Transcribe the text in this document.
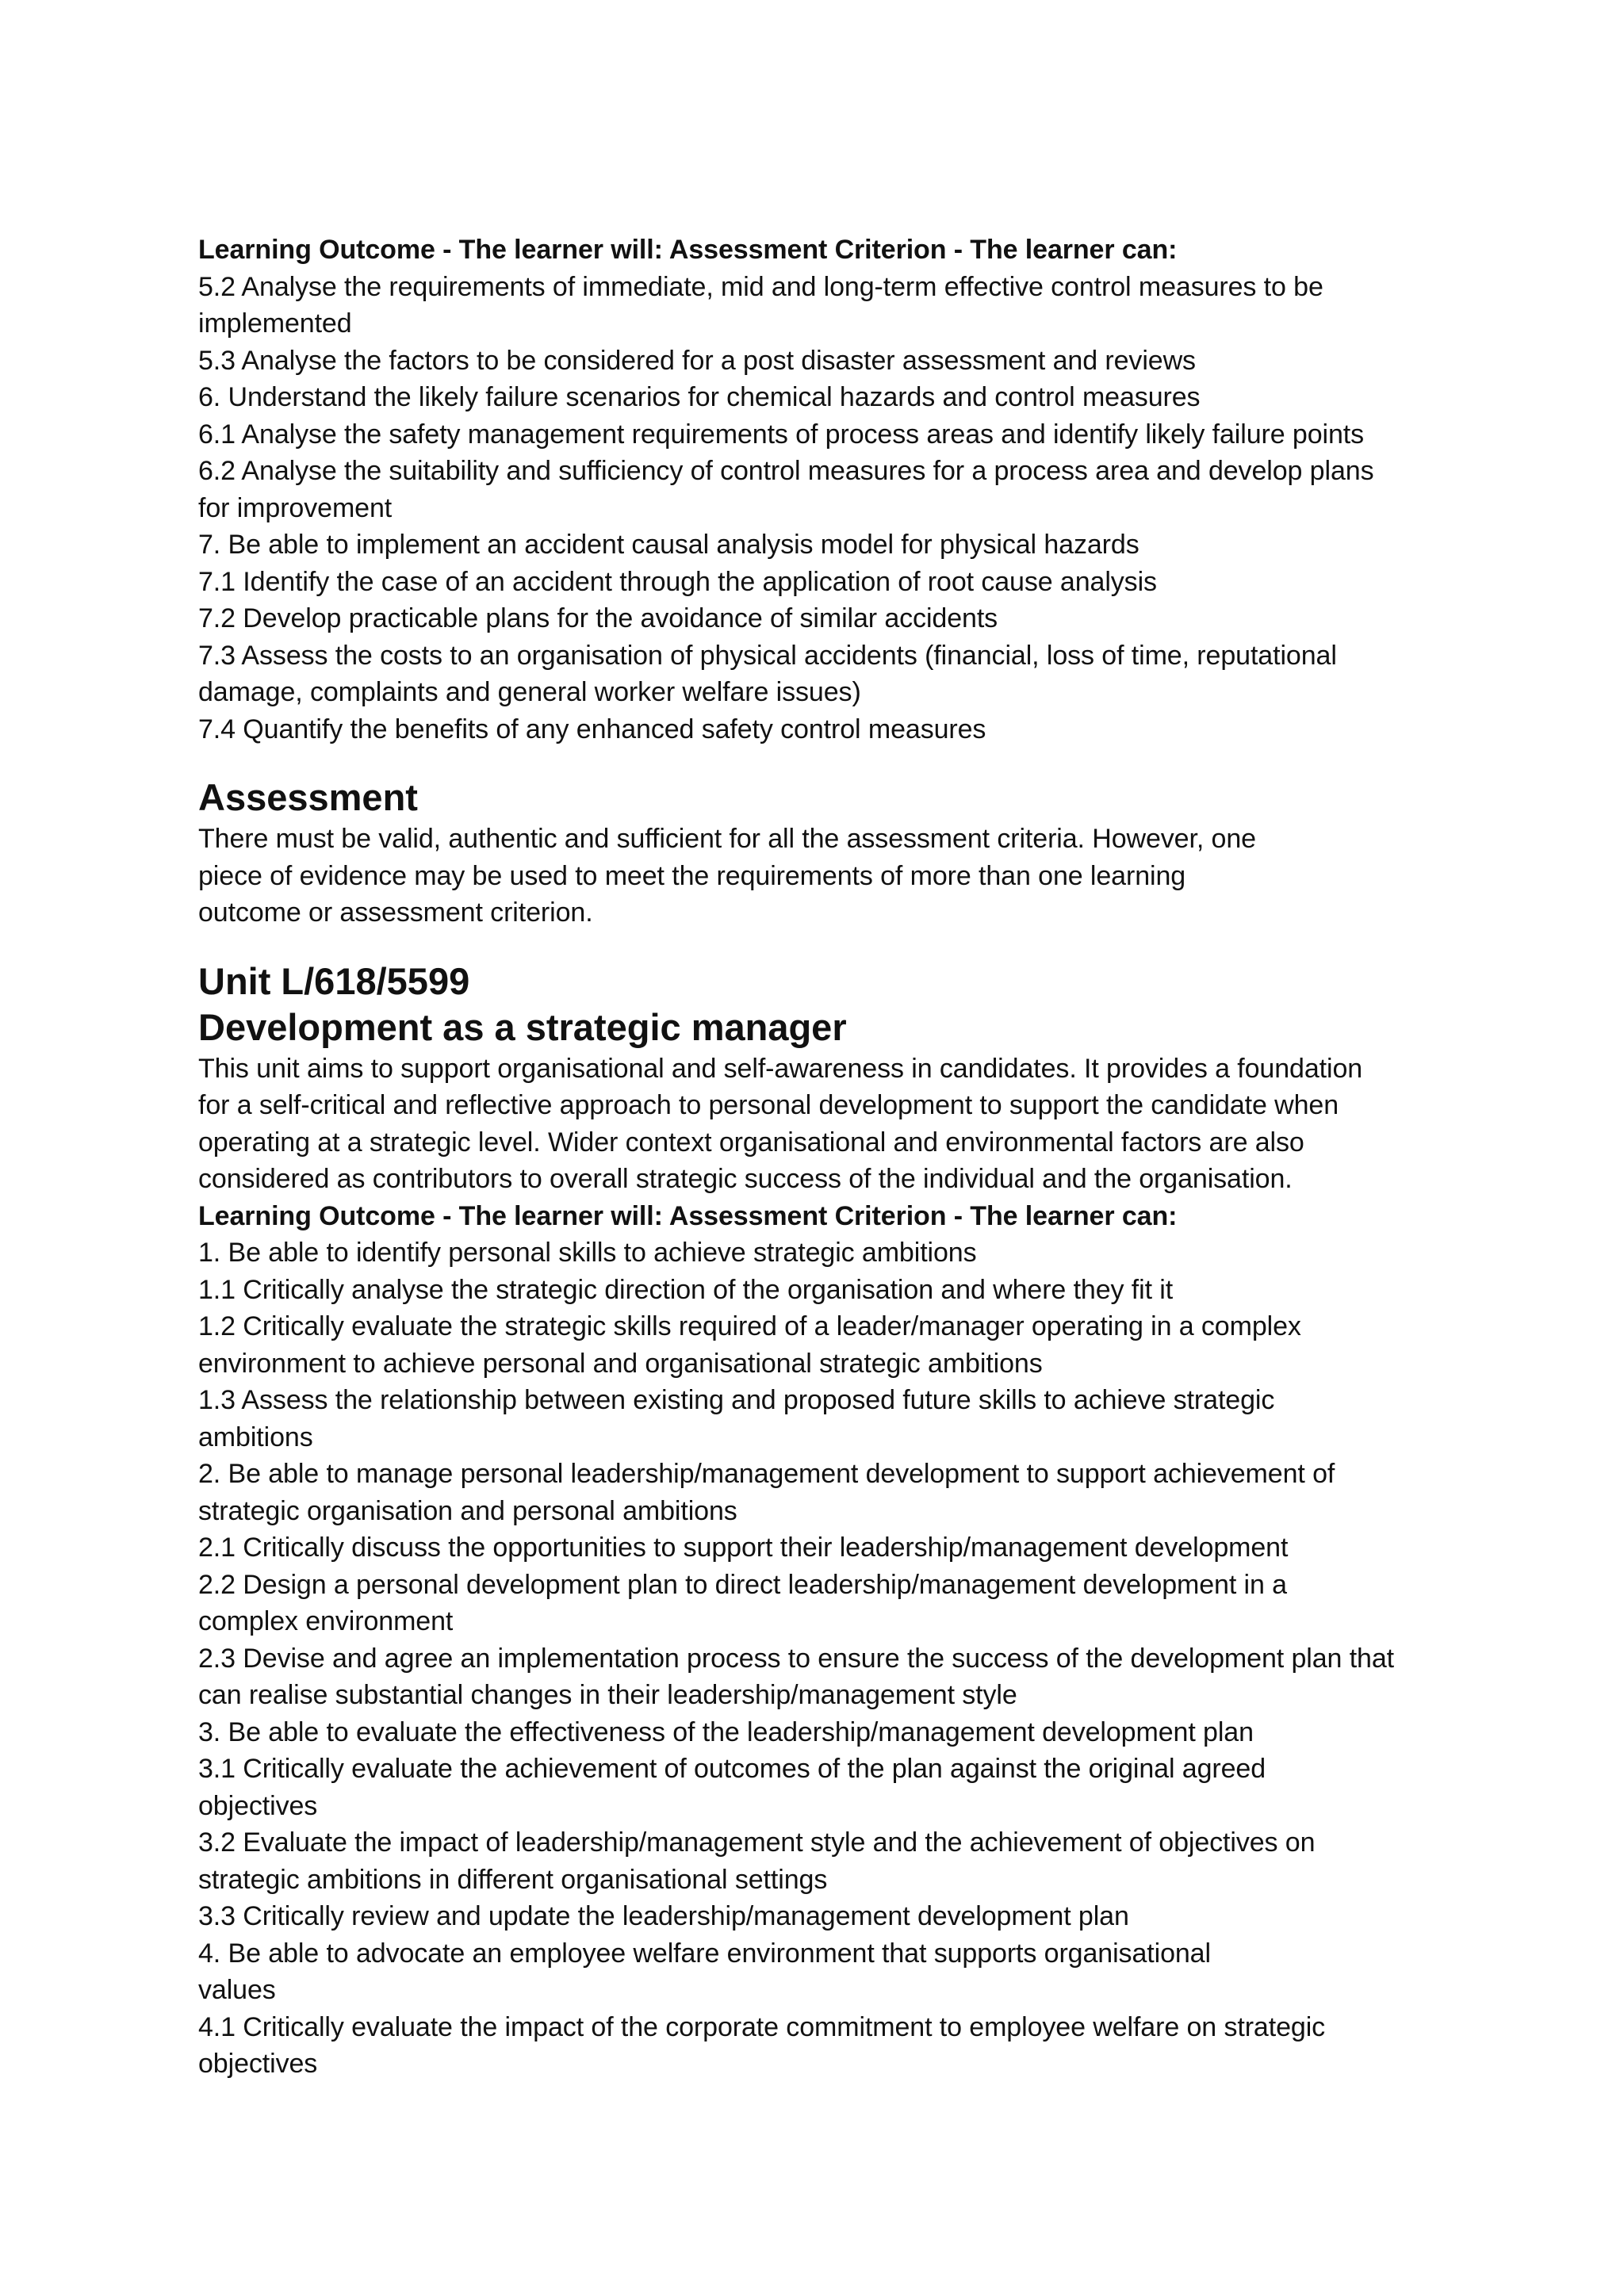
Learning Outcome - The learner will: Assessment Criterion - The learner can:

5.2 Analyse the requirements of immediate, mid and long-term effective control measures to be

implemented

5.3 Analyse the factors to be considered for a post disaster assessment and reviews

6. Understand the likely failure scenarios for chemical hazards and control measures

6.1 Analyse the safety management requirements of process areas and identify likely failure points

6.2 Analyse the suitability and sufficiency of control measures for a process area and develop plans

for improvement

7. Be able to implement an accident causal analysis model for physical hazards

7.1 Identify the case of an accident through the application of root cause analysis

7.2 Develop practicable plans for the avoidance of similar accidents

7.3 Assess the costs to an organisation of physical accidents (financial, loss of time, reputational

damage, complaints and general worker welfare issues)

7.4 Quantify the benefits of any enhanced safety control measures

Assessment

There must be valid, authentic and sufficient for all the assessment criteria. However, one

piece of evidence may be used to meet the requirements of more than one learning

outcome or assessment criterion.

Unit L/618/5599
Development as a strategic manager

This unit aims to support organisational and self-awareness in candidates. It provides a foundation

for a self-critical and reflective approach to personal development to support the candidate when

operating at a strategic level. Wider context organisational and environmental factors are also

considered as contributors to overall strategic success of the individual and the organisation.

Learning Outcome - The learner will: Assessment Criterion - The learner can:

1. Be able to identify personal skills to achieve strategic ambitions

1.1 Critically analyse the strategic direction of the organisation and where they fit it

1.2 Critically evaluate the strategic skills required of a leader/manager operating in a complex

environment to achieve personal and organisational strategic ambitions

1.3 Assess the relationship between existing and proposed future skills to achieve strategic

ambitions

2. Be able to manage personal leadership/management development to support achievement of

strategic organisation and personal ambitions

2.1 Critically discuss the opportunities to support their leadership/management development

2.2 Design a personal development plan to direct leadership/management development in a

complex environment

2.3 Devise and agree an implementation process to ensure the success of the development plan that

can realise substantial changes in their leadership/management style

3. Be able to evaluate the effectiveness of the leadership/management development plan

3.1 Critically evaluate the achievement of outcomes of the plan against the original agreed

objectives

3.2 Evaluate the impact of leadership/management style and the achievement of objectives on

strategic ambitions in different organisational settings

3.3 Critically review and update the leadership/management development plan

4. Be able to advocate an employee welfare environment that supports organisational

values

4.1 Critically evaluate the impact of the corporate commitment to employee welfare on strategic

objectives
